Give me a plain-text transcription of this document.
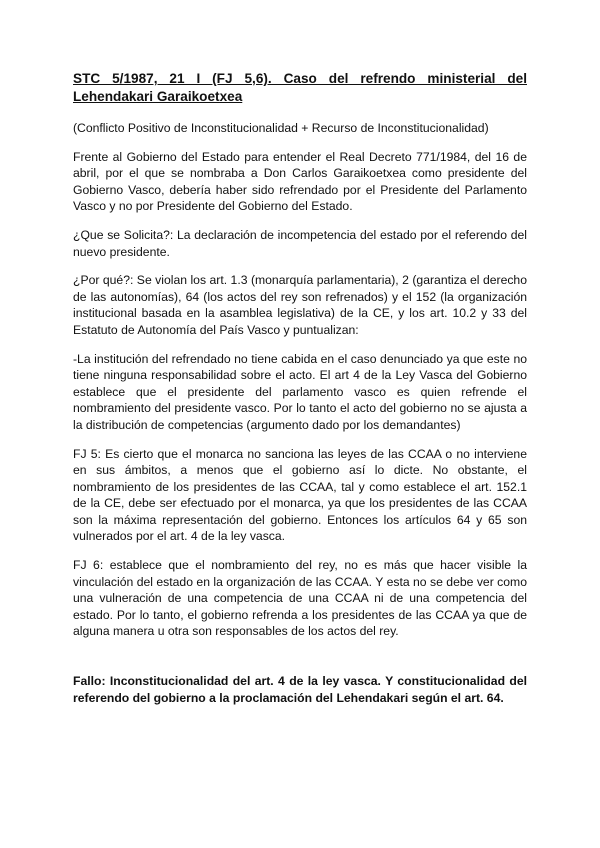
STC 5/1987, 21 I (FJ 5,6). Caso del refrendo ministerial del Lehendakari Garaikoetxea
(Conflicto Positivo de Inconstitucionalidad + Recurso de Inconstitucionalidad)
Frente al Gobierno del Estado para entender el Real Decreto 771/1984, del 16 de abril, por el que se nombraba a Don Carlos Garaikoetxea como presidente del Gobierno Vasco, debería haber sido refrendado por el Presidente del Parlamento Vasco y no por Presidente del Gobierno del Estado.
¿Que se Solicita?: La declaración de incompetencia del estado por el referendo del nuevo presidente.
¿Por qué?: Se violan los art. 1.3 (monarquía parlamentaria), 2 (garantiza el derecho de las autonomías), 64 (los actos del rey son refrenados) y el 152 (la organización institucional basada en la asamblea legislativa) de la CE, y los art. 10.2 y 33 del Estatuto de Autonomía del País Vasco y puntualizan:
-La institución del refrendado no tiene cabida en el caso denunciado ya que este no tiene ninguna responsabilidad sobre el acto. El art 4 de la Ley Vasca del Gobierno establece que el presidente del parlamento vasco es quien refrende el nombramiento del presidente vasco. Por lo tanto el acto del gobierno no se ajusta a la distribución de competencias (argumento dado por los demandantes)
FJ 5: Es cierto que el monarca no sanciona las leyes de las CCAA o no interviene en sus ámbitos, a menos que el gobierno así lo dicte. No obstante, el nombramiento de los presidentes de las CCAA, tal y como establece el art. 152.1 de la CE, debe ser efectuado por el monarca, ya que los presidentes de las CCAA son la máxima representación del gobierno. Entonces los artículos 64 y 65 son vulnerados por el art. 4 de la ley vasca.
FJ 6: establece que el nombramiento del rey, no es más que hacer visible la vinculación del estado en la organización de las CCAA. Y esta no se debe ver como una vulneración de una competencia de una CCAA ni de una competencia del estado. Por lo tanto, el gobierno refrenda a los presidentes de las CCAA ya que de alguna manera u otra son responsables de los actos del rey.
Fallo: Inconstitucionalidad del art. 4 de la ley vasca. Y constitucionalidad del referendo del gobierno a la proclamación del Lehendakari según el art. 64.
